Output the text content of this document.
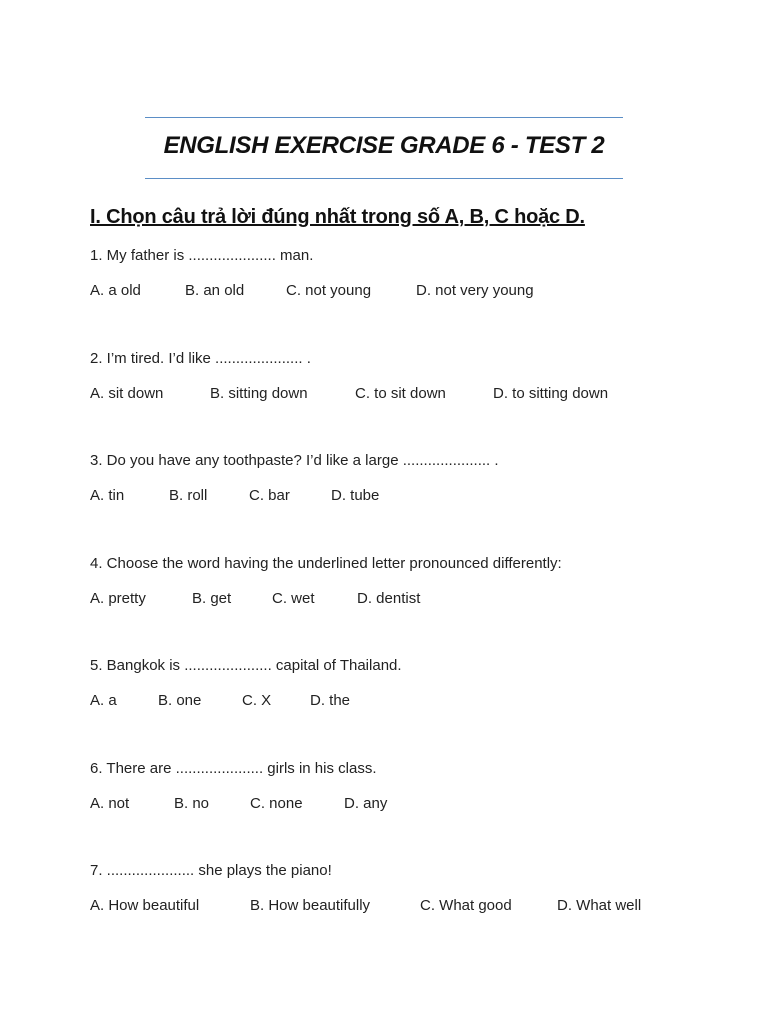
ENGLISH EXERCISE GRADE 6 - TEST 2
I. Chọn câu trả lời đúng nhất trong số A, B, C hoặc D.
1. My father is ..................... man.
A. a old	B. an old	C. not young	D. not very young
2. I’m tired. I’d like ..................... .
A. sit down	B. sitting down	C. to sit down	D. to sitting down
3. Do you have any toothpaste? I’d like a large ..................... .
A. tin	B. roll	C. bar	D. tube
4. Choose the word having the underlined letter pronounced differently:
A. pretty	B. get	C. wet	D. dentist
5. Bangkok is ..................... capital of Thailand.
A. a	B. one	C. X	D. the
6. There are ..................... girls in his class.
A. not	B. no	C. none	D. any
7. ..................... she plays the piano!
A. How beautiful	B. How beautifully	C. What good	D. What well
